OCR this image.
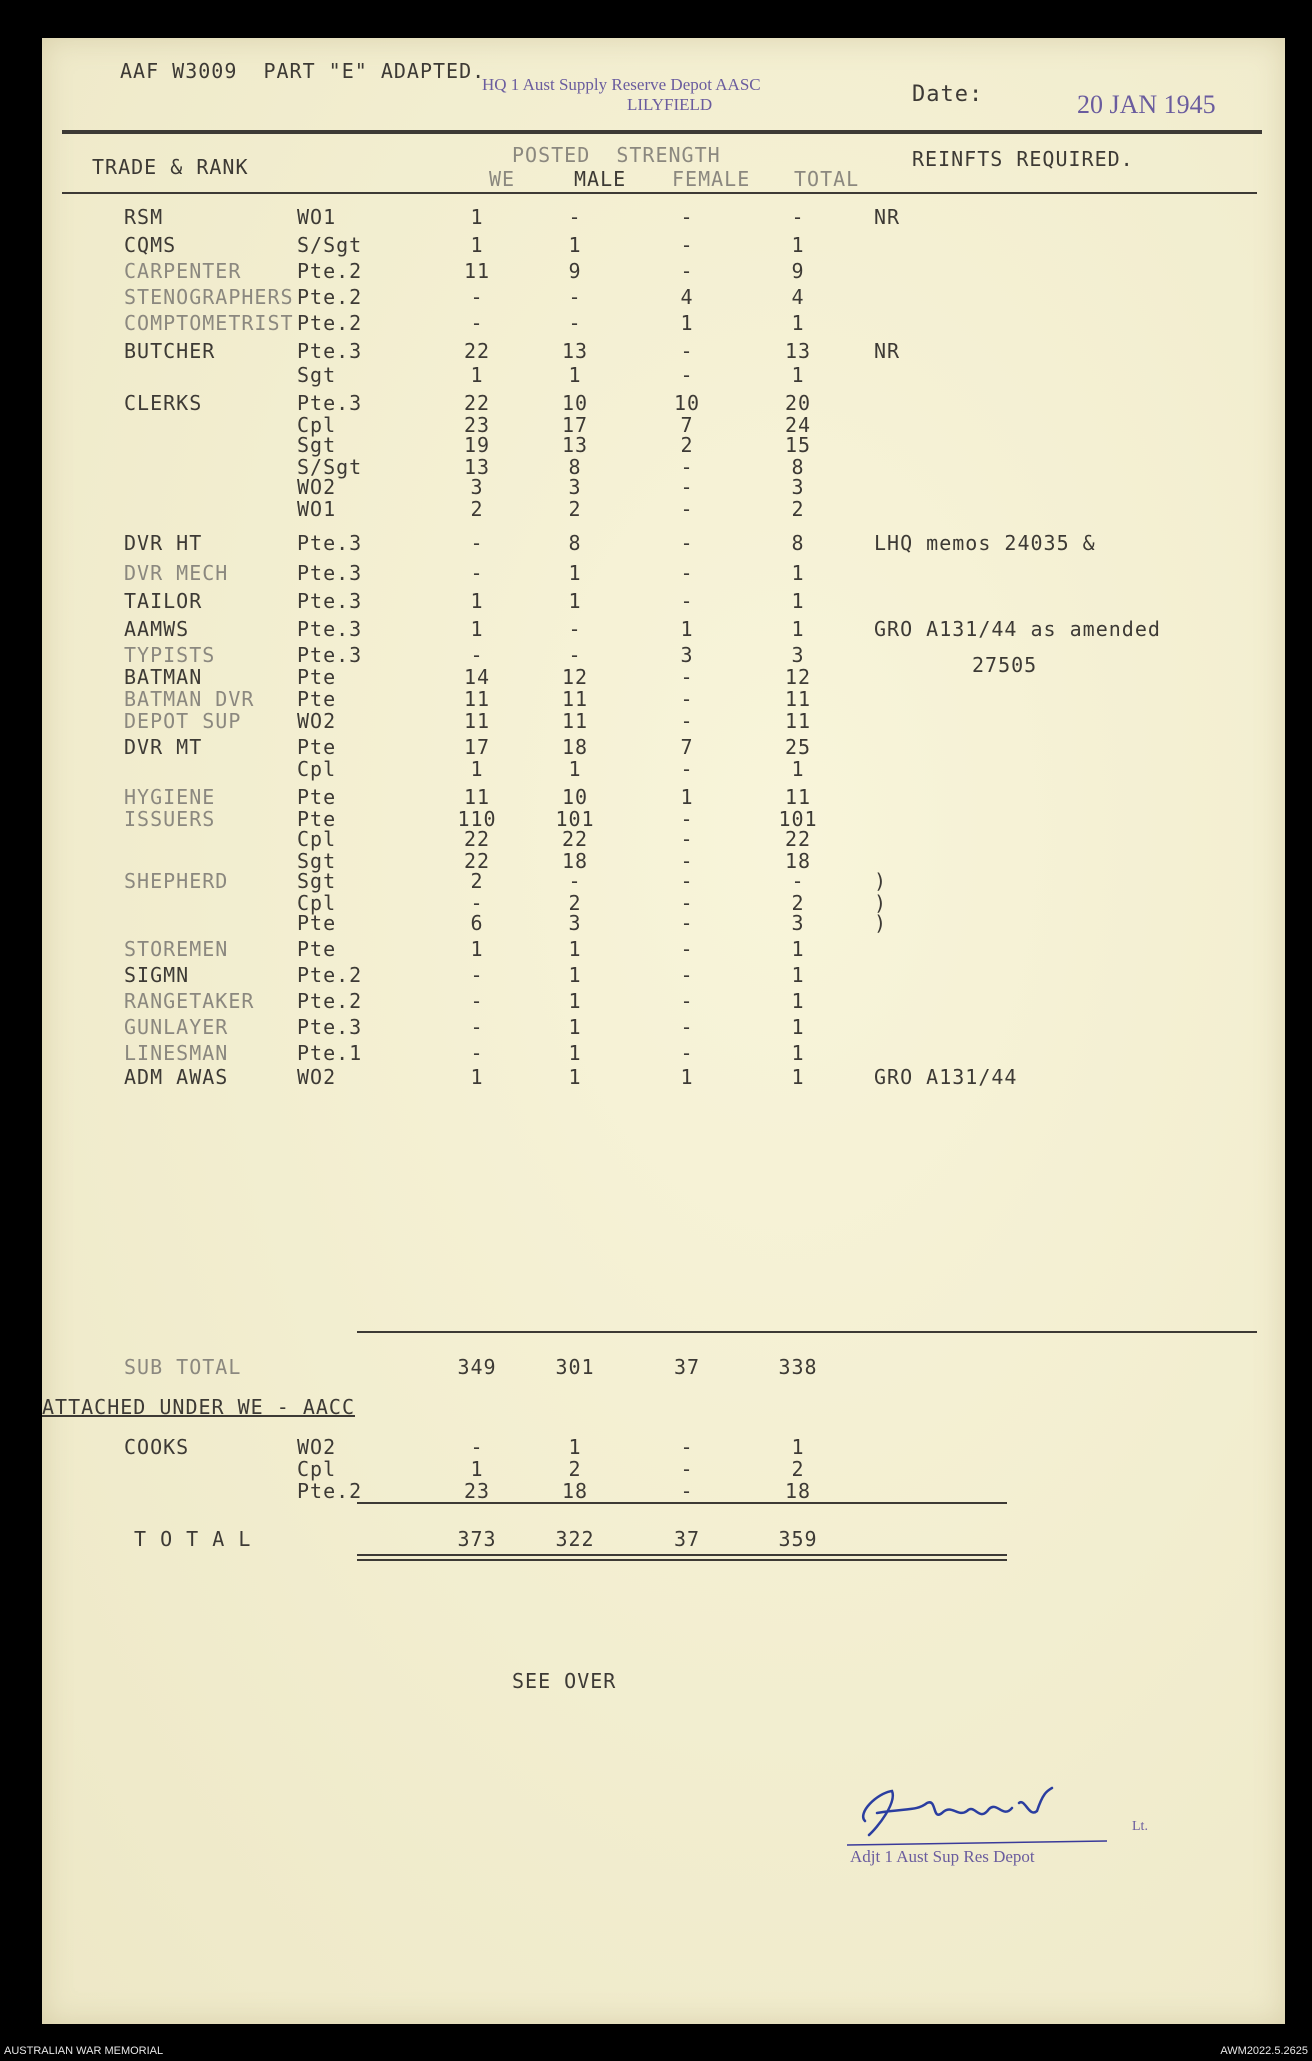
AAF W3009  PART "E" ADAPTED.
HQ 1 Aust Supply Reserve Depot AASC
LILYFIELD	Date:	20 JAN 1945
TRADE & RANK	POSTED  STRENGTH
WE	MALE FEMALE TOTAL
REINFTS REQUIRED.
RSM	WO1	1	-	-	-	NR
CQMS	S/Sgt	1	1	-	1
CARPENTER	Pte.2	11	9	-	9
STENOGRAPHERS Pte.2	-	-	4	4
COMPTOMETRIST Pte.2	-	-	1	1
BUTCHER	Pte.3	22	13	-	13	NR
Sgt	1	1	-	1
CLERKS	Pte.3	22	10	10	20
Cpl	23	17	7	24
Sgt	19	13	2	15
S/Sgt	13	8	-	8
WO2	3	3	-	3
WO1	2	2	-	2
DVR HT	Pte.3	-	8	-	8	LHQ memos 24035 &
DVR MECH	Pte.3	-	1	-	1
TAILOR	Pte.3	1	1	-	1
AAMWS	Pte.3	1	-	1	1	GRO A131/44 as amended
TYPISTS	Pte.3	-	-	3	3
BATMAN	Pte	14	12	-	12
BATMAN DVR Pte	11	11	-	11
DEPOT SUP	WO2	11	11	-	11
DVR MT	Pte	17	18	7	25
Cpl	1	1	-	1
HYGIENE	Pte	11	10	1	11
ISSUERS	Pte	110	101	-	101
Cpl	22	22	-	22
Sgt	22	18	-	18
SHEPHERD	Sgt	2	-	-	-	)
Cpl	-	2	-	2	)
Pte	6	3	-	3	)
STOREMEN	Pte	1	1	-	1
SIGMN	Pte.2	-	1	-	1
RANGETAKER Pte.2	-	1	-	1
GUNLAYER	Pte.3	-	1	-	1
LINESMAN	Pte.1	-	1	-	1
ADM AWAS	WO2	1	1	1	1	GRO A131/44
27505
SUB TOTAL	349	301	37	338
ATTACHED UNDER WE - AACC
COOKS	WO2	-	1	-	1
Cpl	1	2	-	2
Pte.2	23	18	-	18
T O T A L	373	322	37	359
SEE OVER
Lt.
Adjt 1 Aust Sup Res Depot
AUSTRALIAN WAR MEMORIAL	AWM2022.5.2625
